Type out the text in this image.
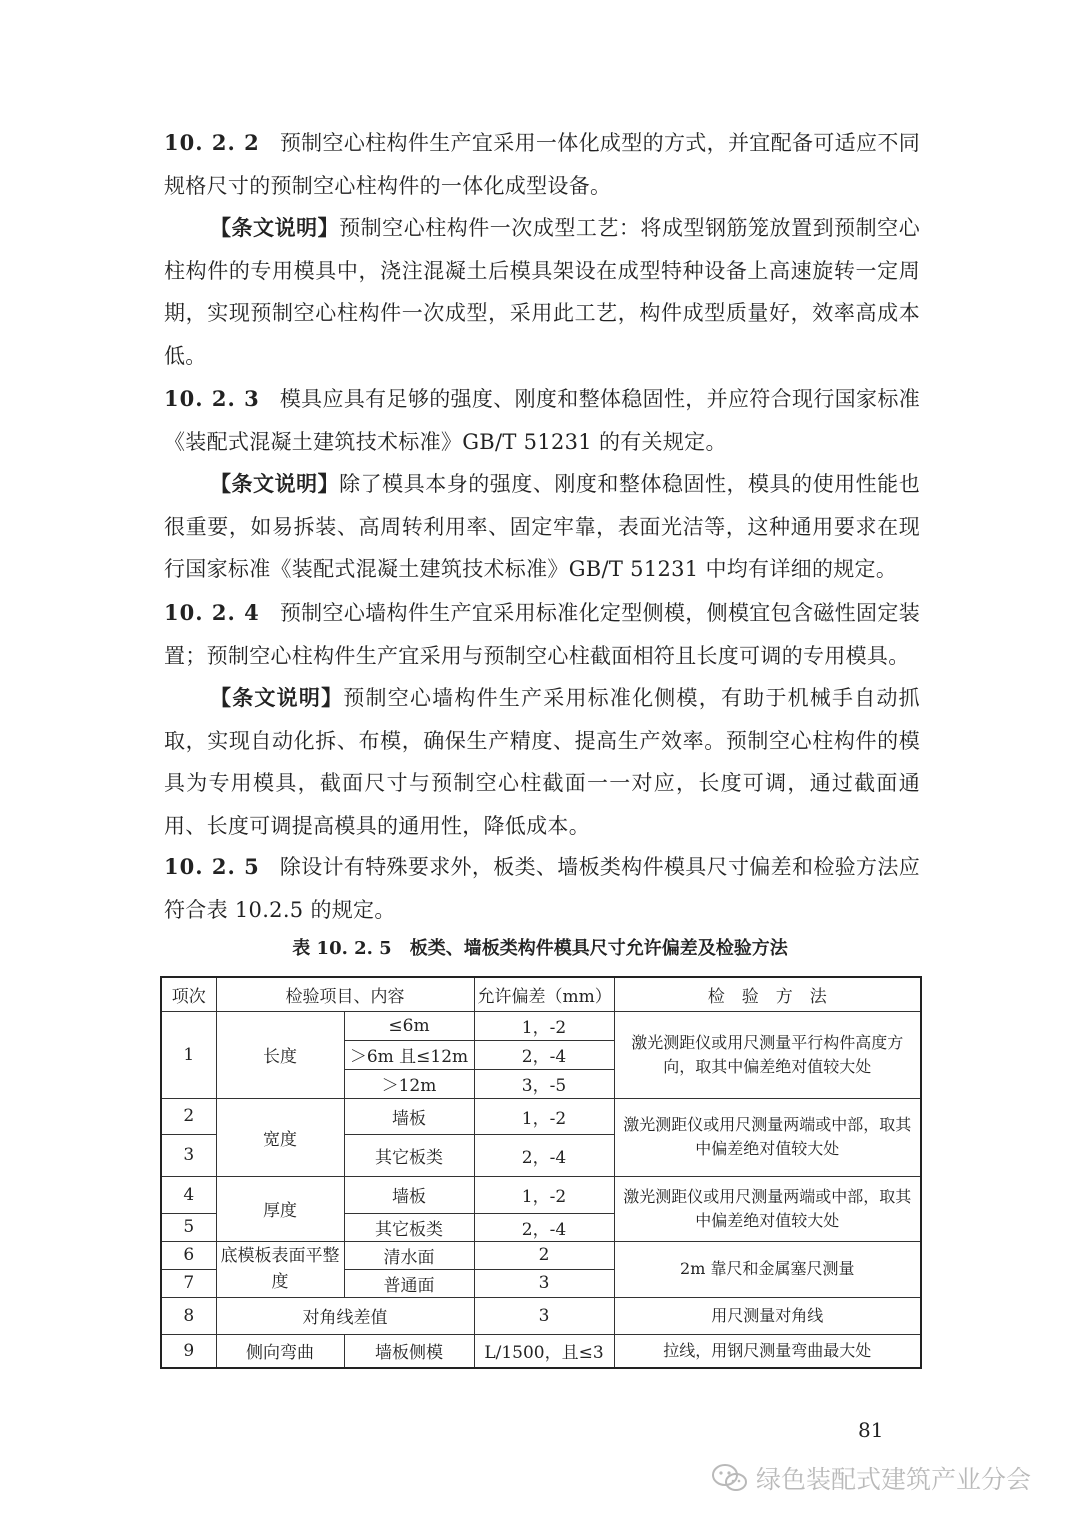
10. 2. 2 预制空心柱构件生产宜采用一体化成型的方式，并宜配备可适应不同规格尺寸的预制空心柱构件的一体化成型设备。

【条文说明】预制空心柱构件一次成型工艺：将成型钢筋笼放置到预制空心柱构件的专用模具中，浇注混凝土后模具架设在成型特种设备上高速旋转一定周期，实现预制空心柱构件一次成型，采用此工艺，构件成型质量好，效率高成本低。

10. 2. 3 模具应具有足够的强度、刚度和整体稳固性，并应符合现行国家标准《装配式混凝土建筑技术标准》GB/T 51231 的有关规定。

【条文说明】除了模具本身的强度、刚度和整体稳固性，模具的使用性能也很重要，如易拆装、高周转利用率、固定牢靠，表面光洁等，这种通用要求在现行国家标准《装配式混凝土建筑技术标准》GB/T 51231 中均有详细的规定。

10. 2. 4 预制空心墙构件生产宜采用标准化定型侧模，侧模宜包含磁性固定装置；预制空心柱构件生产宜采用与预制空心柱截面相符且长度可调的专用模具。

【条文说明】预制空心墙构件生产采用标准化侧模，有助于机械手自动抓取，实现自动化拆、布模，确保生产精度、提高生产效率。预制空心柱构件的模具为专用模具，截面尺寸与预制空心柱截面一一对应，长度可调，通过截面通用、长度可调提高模具的通用性，降低成本。

10. 2. 5 除设计有特殊要求外，板类、墙板类构件模具尺寸偏差和检验方法应符合表 10.2.5 的规定。

表 10. 2. 5　板类、墙板类构件模具尺寸允许偏差及检验方法

项次	检验项目、内容		允许偏差（mm）	检　验　方　法
1	长度	≤6m	1，-2	激光测距仪或用尺测量平行构件高度方向，取其中偏差绝对值较大处
		＞6m 且≤12m	2，-4	
		＞12m	3，-5	
2	宽度	墙板	1，-2	激光测距仪或用尺测量两端或中部，取其中偏差绝对值较大处
3		其它板类	2，-4	
4	厚度	墙板	1，-2	激光测距仪或用尺测量两端或中部，取其中偏差绝对值较大处
5		其它板类	2，-4	
6	底模板表面平整度	清水面	2	2m 靠尺和金属塞尺测量
7		普通面	3	
8	对角线差值		3	用尺测量对角线
9	侧向弯曲	墙板侧模	L/1500，且≤3	拉线，用钢尺测量弯曲最大处

81

绿色装配式建筑产业分会
